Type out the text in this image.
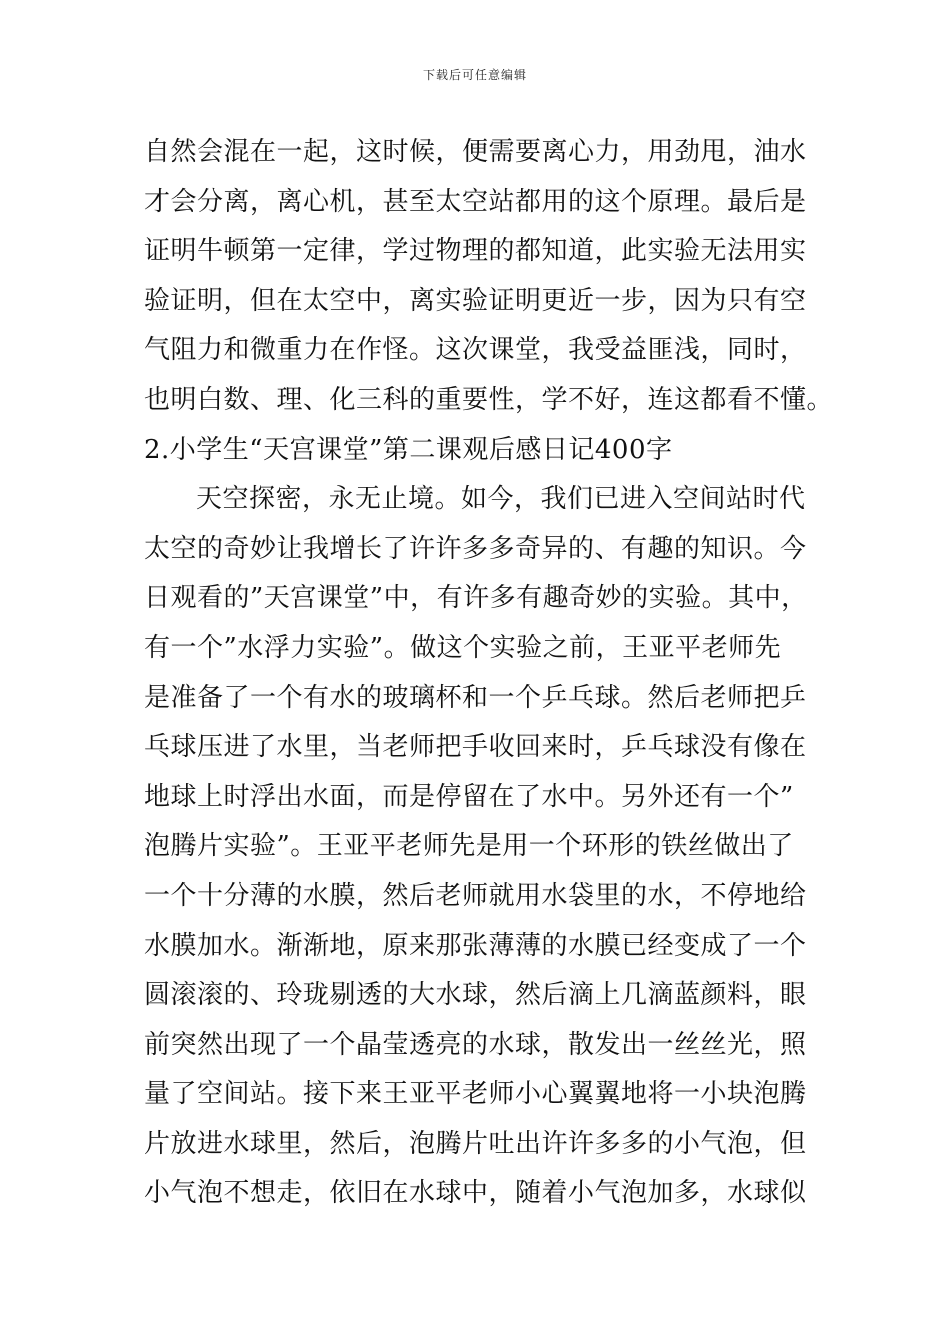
下载后可任意编辑
自然会混在一起，这时候，便需要离心力，用劲甩，油水
才会分离，离心机，甚至太空站都用的这个原理。最后是
证明牛顿第一定律，学过物理的都知道，此实验无法用实
验证明，但在太空中，离实验证明更近一步，因为只有空
气阻力和微重力在作怪。这次课堂，我受益匪浅，同时，
也明白数、理、化三科的重要性，学不好，连这都看不懂。
2.小学生“天宫课堂”第二课观后感日记400字
天空探密，永无止境。如今，我们已进入空间站时代
太空的奇妙让我增长了许许多多奇异的、有趣的知识。今
日观看的”天宫课堂”中，有许多有趣奇妙的实验。其中，
有一个”水浮力实验”。做这个实验之前，王亚平老师先
是准备了一个有水的玻璃杯和一个乒乓球。然后老师把乒
乓球压进了水里，当老师把手收回来时，乒乓球没有像在
地球上时浮出水面，而是停留在了水中。另外还有一个”
泡腾片实验”。王亚平老师先是用一个环形的铁丝做出了
一个十分薄的水膜，然后老师就用水袋里的水，不停地给
水膜加水。渐渐地，原来那张薄薄的水膜已经变成了一个
圆滚滚的、玲珑剔透的大水球，然后滴上几滴蓝颜料，眼
前突然出现了一个晶莹透亮的水球，散发出一丝丝光，照
量了空间站。接下来王亚平老师小心翼翼地将一小块泡腾
片放进水球里，然后，泡腾片吐出许许多多的小气泡，但
小气泡不想走，依旧在水球中，随着小气泡加多，水球似
